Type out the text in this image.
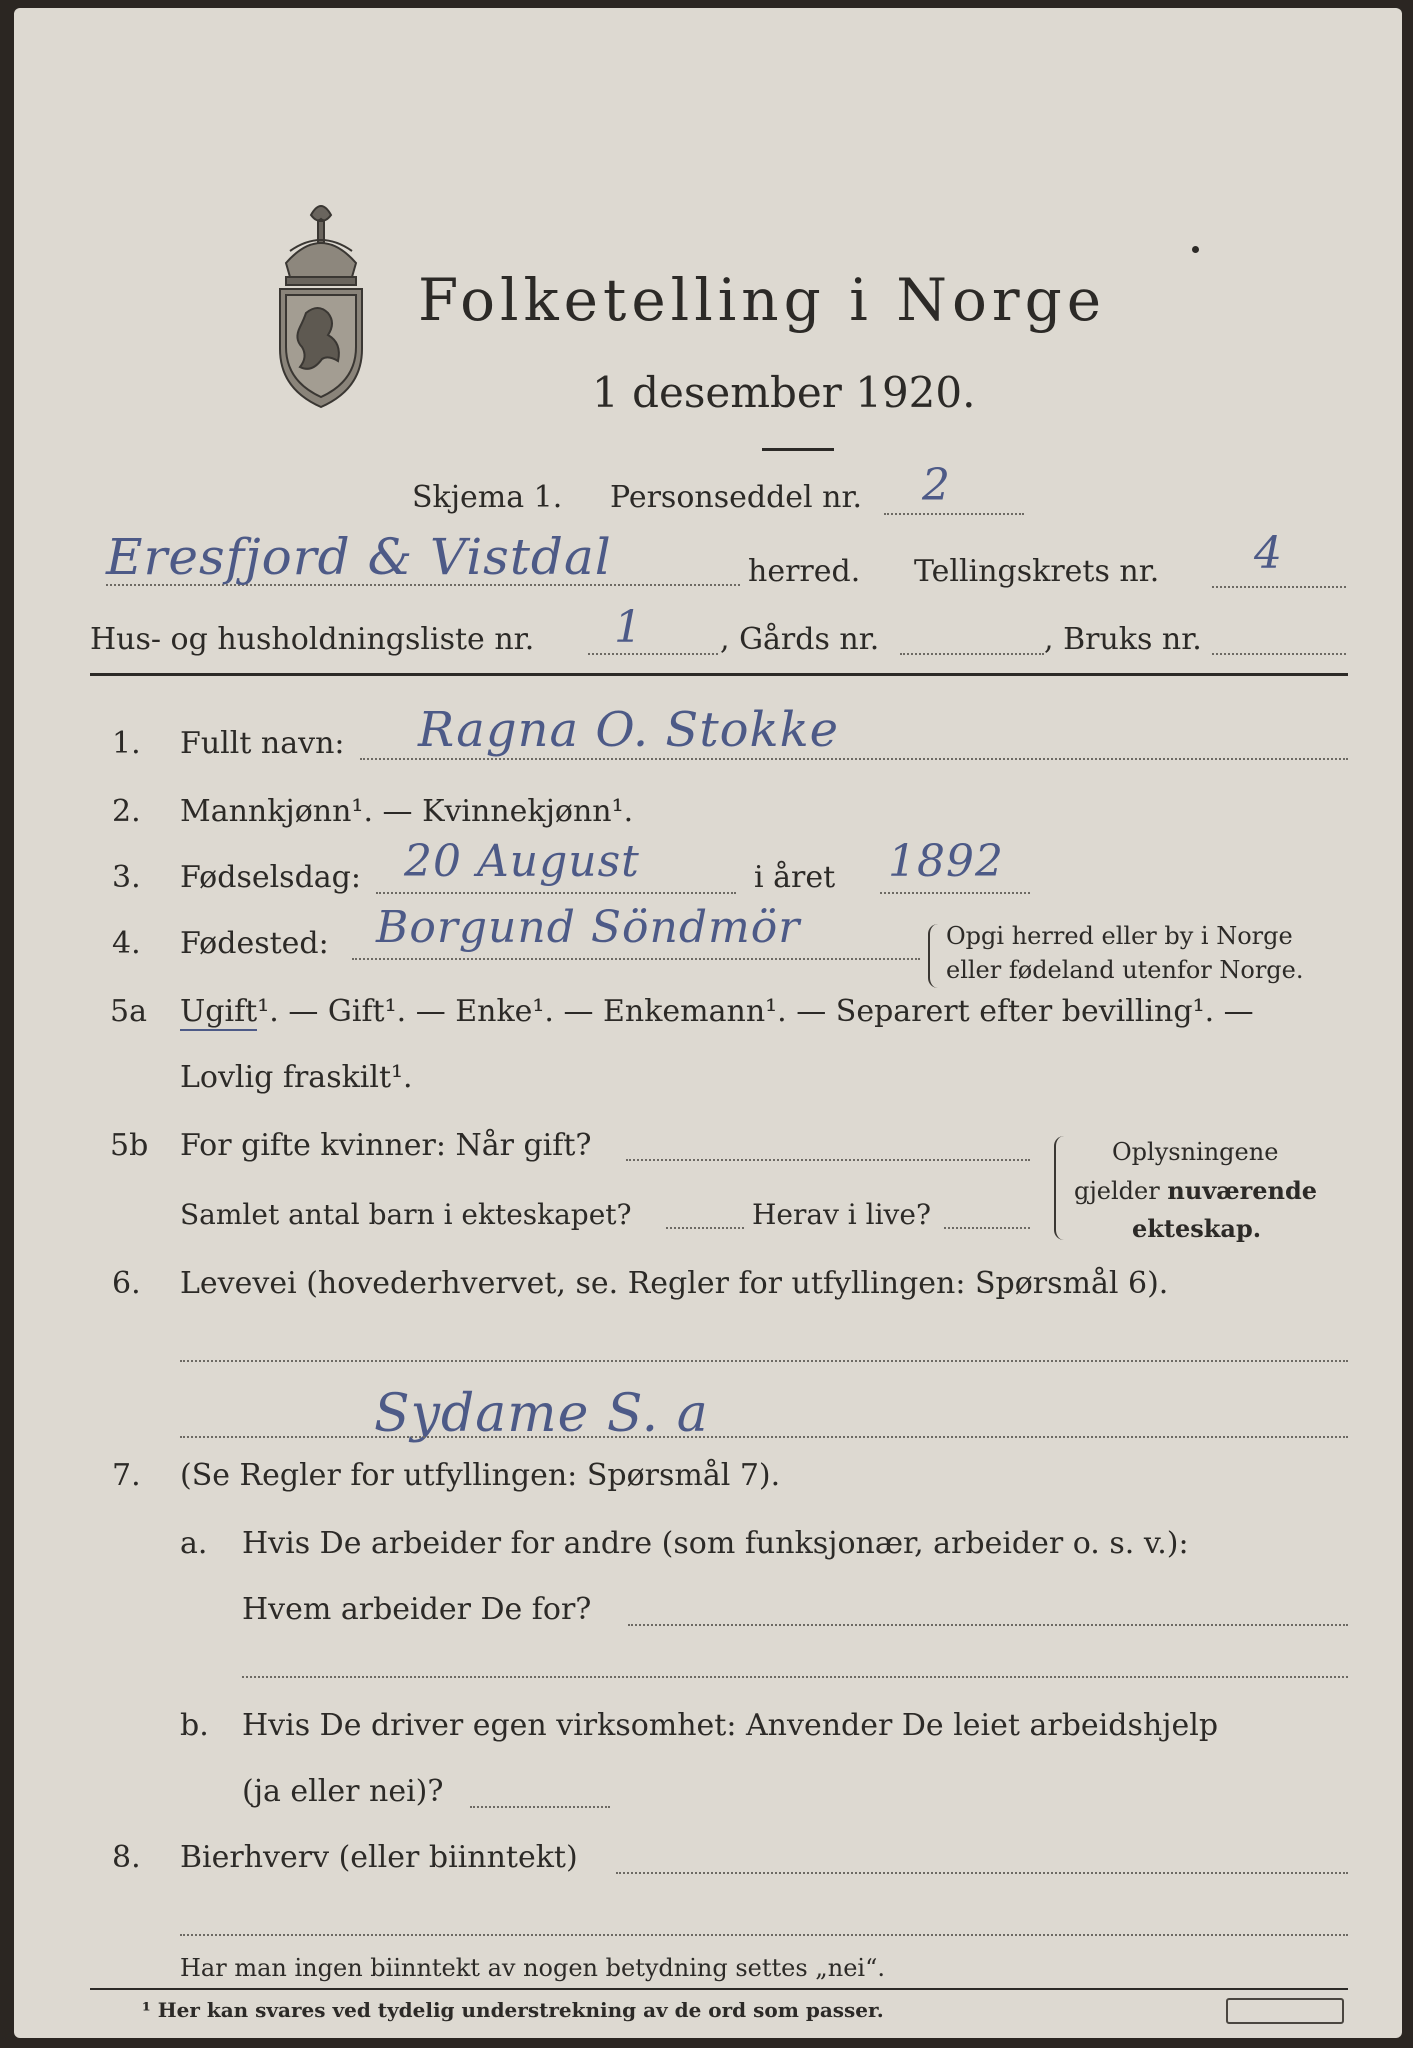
Folketelling i Norge
1 desember 1920.
Skjema 1. Personseddel nr. 2
Eresfjord & Vistdal	herred. Tellingskrets nr. 4
Hus- og husholdningsliste nr. 1	, Gårds nr.	, Bruks nr.
1. Fullt navn: Ragna O. Stokke
2. Mannkjønn¹. — Kvinnekjønn¹.
3. Fødselsdag: 20 August	i året 1892
4. Fødested: Borgund Söndmör	Opgi herred eller by i Norge
eller fødeland utenfor Norge.
5a Ugift¹. — Gift¹. — Enke¹. — Enkemann¹. — Separert efter bevilling¹. —
Lovlig fraskilt¹.
5b For gifte kvinner: Når gift?
Samlet antal barn i ekteskapet?	Herav i live?
Oplysningene
gjelder nuværende
ekteskap.
6. Levevei (hovederhvervet, se. Regler for utfyllingen: Spørsmål 6).
Sydame S. a
7. (Se Regler for utfyllingen: Spørsmål 7).
a. Hvis De arbeider for andre (som funksjonær, arbeider o. s. v.):
Hvem arbeider De for?
b. Hvis De driver egen virksomhet: Anvender De leiet arbeidshjelp
(ja eller nei)?
8. Bierhverv (eller biinntekt)
Har man ingen biinntekt av nogen betydning settes „nei“.
¹ Her kan svares ved tydelig understrekning av de ord som passer.
